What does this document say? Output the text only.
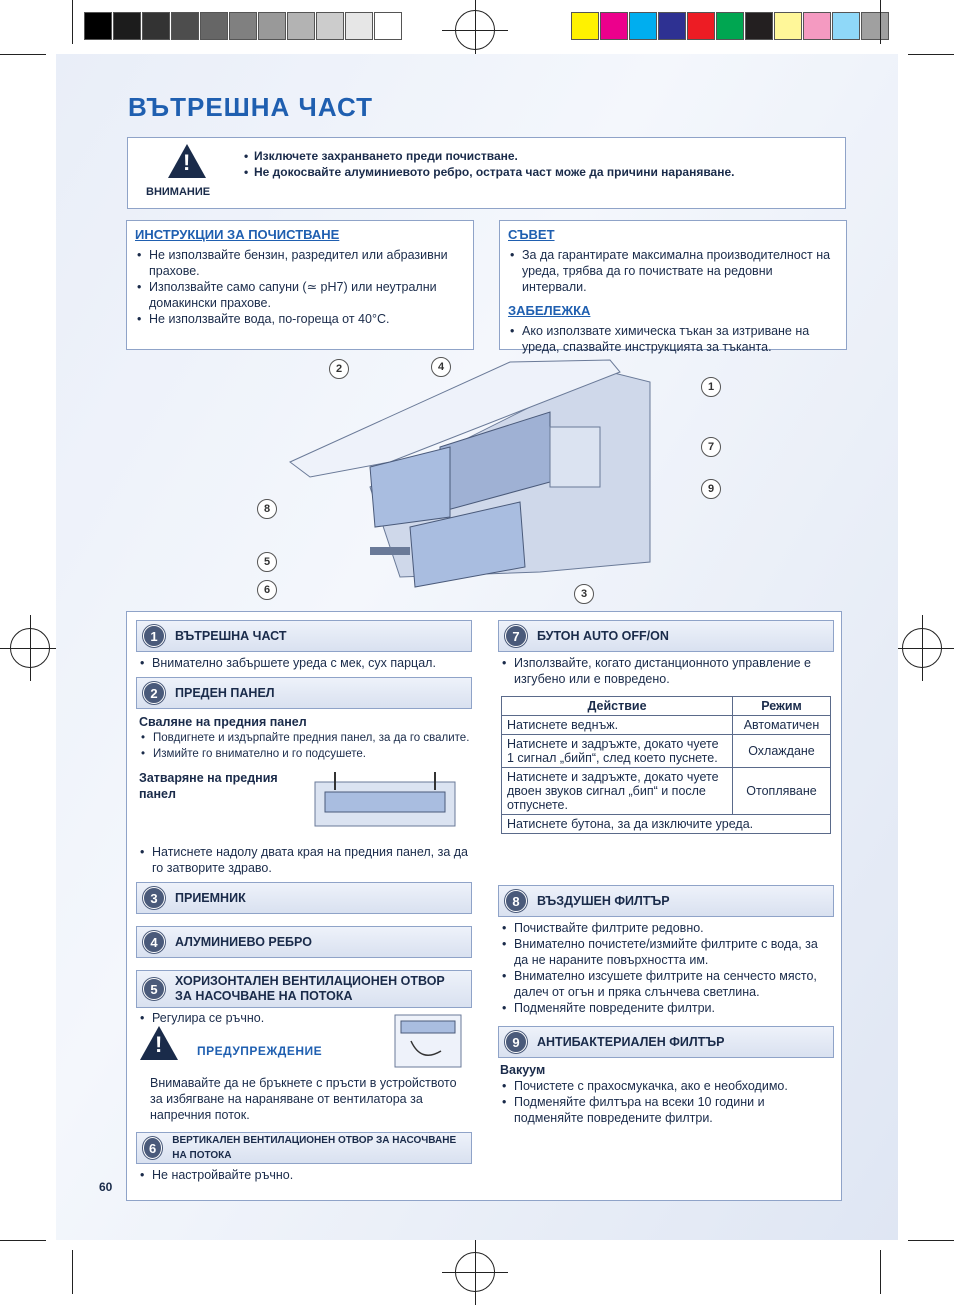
ВЪТРЕШНА ЧАСТ
!
ВНИМАНИЕ
• Изключете захранването преди почистване.
• Не докосвайте алуминиевото ребро, острата част може да причини нараняване.
ИНСТРУКЦИИ ЗА ПОЧИСТВАНЕ
• Не използвайте бензин, разредител или абразивни прахове.
• Използвайте само сапуни (≃ pH7) или неутрални домакински прахове.
• Не използвайте вода, по-гореща от 40°C.
СЪВЕТ
• За да гарантирате максимална производителност на уреда, трябва да го почиствате на редовни интервали.
ЗАБЕЛЕЖКА
• Ако използвате химическа тъкан за изтриване на уреда, спазвайте инструкцията за тъканта.
2	4
1
7
9
8
5
6	3
1	ВЪТРЕШНА ЧАСТ
• Внимателно забършете уреда с мек, сух парцал.
2	ПРЕДЕН ПАНЕЛ
Сваляне на предния панел
• Повдигнете и издърпайте предния панел, за да го свалите.
• Измийте го внимателно и го подсушете.
Затваряне на предния панел
• Натиснете надолу двата края на предния панел, за да го затворите здраво.
3	ПРИЕМНИК
4	АЛУМИНИЕВО РЕБРО
5
ХОРИЗОНТАЛЕН ВЕНТИЛАЦИОНЕН ОТВОР ЗА НАСОЧВАНЕ НА ПОТОКА
• Регулира се ръчно.
!	ПРЕДУПРЕЖДЕНИЕ
Внимавайте да не бръкнете с пръсти в устройството за избягване на нараняване от вентилатора за напречния поток.
6	ВЕРТИКАЛЕН ВЕНТИЛАЦИОНЕН ОТВОР ЗА НАСОЧВАНЕ НА ПОТОКА
• Не настройвайте ръчно.
7	БУТОН AUTO OFF/ON
• Използвайте, когато дистанционното управление е изгубено или е повредено.
Действие	Режим
Натиснете веднъж.	Автоматичен
Натиснете и задръжте, докато чуете 1 сигнал „бийп“, след което пуснете.	Охлаждане
Натиснете и задръжте, докато чуете двоен звуков сигнал „бип“ и после отпуснете.	Отопляване
Натиснете бутона, за да изключите уреда.	
8	ВЪЗДУШЕН ФИЛТЪР
• Почиствайте филтрите редовно.
• Внимателно почистете/измийте филтрите с вода, за да не нараните повърхността им.
• Внимателно изсушете филтрите на сенчесто място, далеч от огън и пряка слънчева светлина.
• Подменяйте повредените филтри.
9	АНТИБАКТЕРИАЛЕН ФИЛТЪР
Вакуум
• Почистете с прахосмукачка, ако е необходимо.
• Подменяйте филтъра на всеки 10 години и подменяйте повредените филтри.
60
